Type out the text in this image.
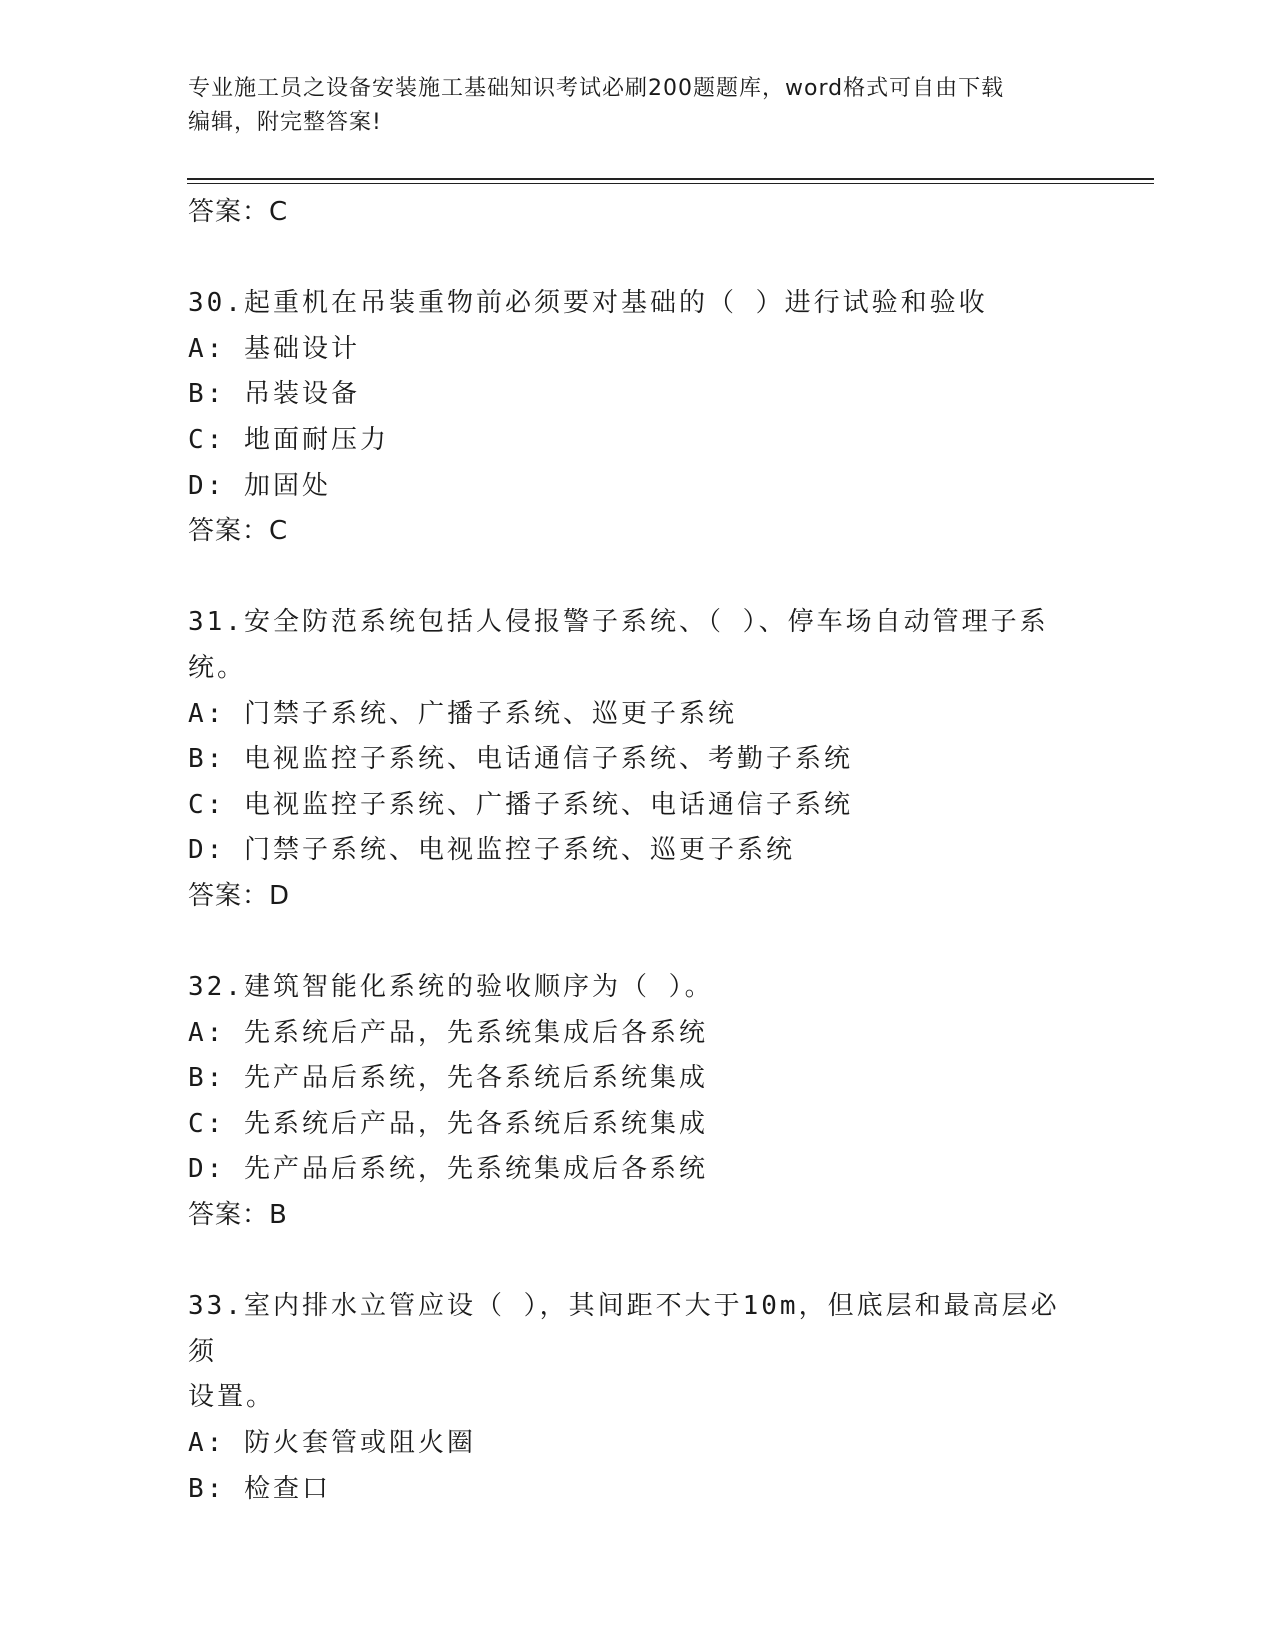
专业施工员之设备安装施工基础知识考试必刷200题题库，word格式可自由下载
编辑，附完整答案!

答案：C

30.起重机在吊装重物前必须要对基础的（ ）进行试验和验收

A: 基础设计

B: 吊装设备

C: 地面耐压力

D: 加固处

答案：C

31.安全防范系统包括人侵报警子系统、（ ）、停车场自动管理子系

统。

A: 门禁子系统、广播子系统、巡更子系统

B: 电视监控子系统、电话通信子系统、考勤子系统

C: 电视监控子系统、广播子系统、电话通信子系统

D: 门禁子系统、电视监控子系统、巡更子系统

答案：D

32.建筑智能化系统的验收顺序为（ ）。

A: 先系统后产品，先系统集成后各系统

B: 先产品后系统，先各系统后系统集成

C: 先系统后产品，先各系统后系统集成

D: 先产品后系统，先系统集成后各系统

答案：B

33.室内排水立管应设（ ），其间距不大于10m，但底层和最高层必须

设置。

A: 防火套管或阻火圈

B: 检查口
